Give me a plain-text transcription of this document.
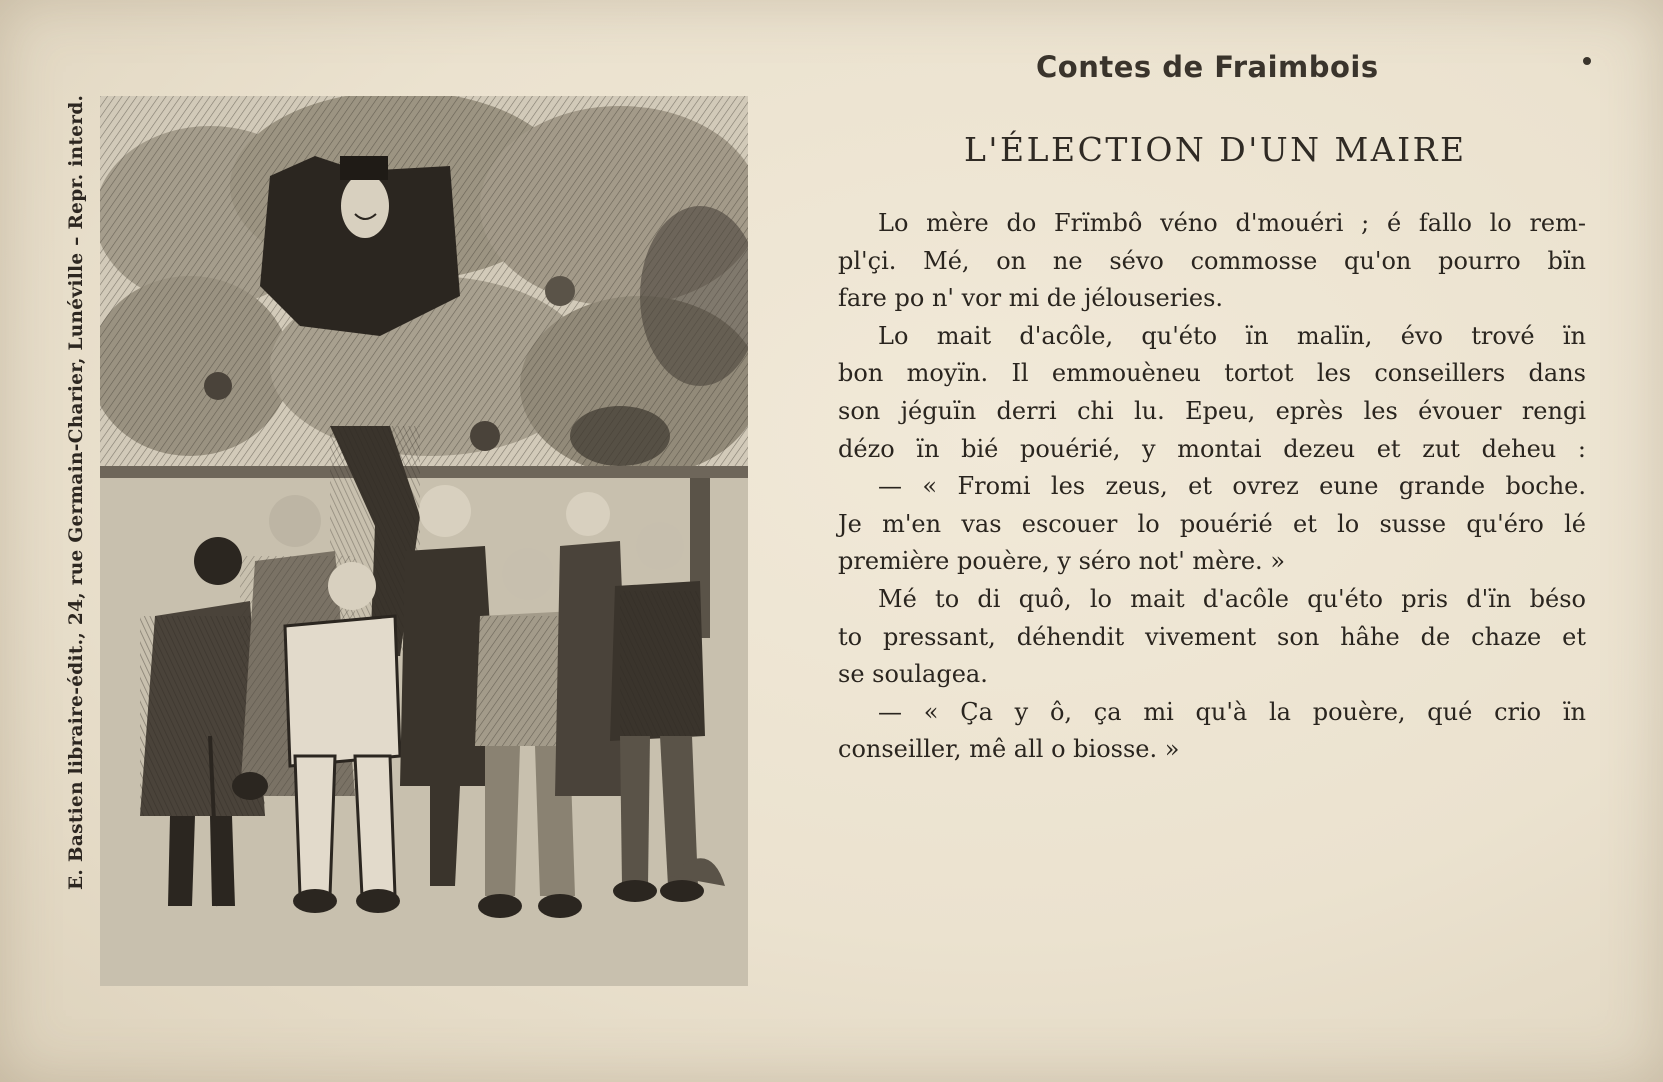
E. Bastien libraire-édit., 24, rue Germain-Charier, Lunéville – Repr. interd.
Contes de Fraimbois
L'ÉLECTION D'UN MAIRE
Lo mère do Frïmbô véno d'mouéri ; é fallo lo rem-
pl'çi. Mé, on ne sévo commosse qu'on pourro bïn
fare po n' vor mi de jélouseries.
Lo mait d'acôle, qu'éto ïn malïn, évo trové ïn
bon moyïn. Il emmouèneu tortot les conseillers dans
son jéguïn derri chi lu. Epeu, eprès les évouer rengi
dézo ïn bié pouérié, y montai dezeu et zut deheu :
— « Fromi les zeus, et ovrez eune grande boche.
Je m'en vas escouer lo pouérié et lo susse qu'éro lé
première pouère, y séro not' mère. »
Mé to di quô, lo mait d'acôle qu'éto pris d'ïn béso
to pressant, déhendit vivement son hâhe de chaze et
se soulagea.
— « Ça y ô, ça mi qu'à la pouère, qué crio ïn
conseiller, mê all o biosse. »
